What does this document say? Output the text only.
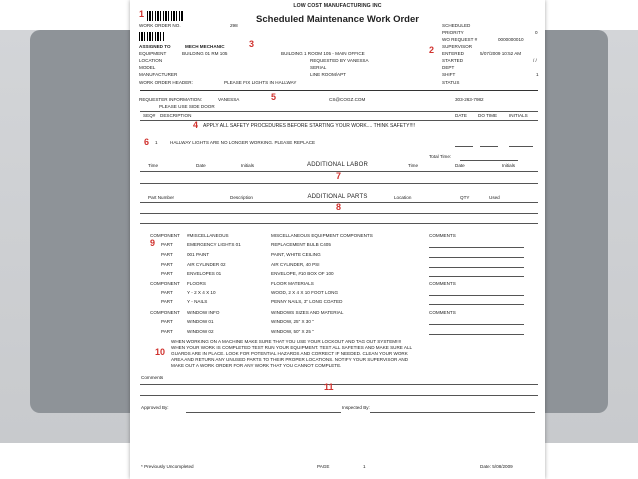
LOW COST MANUFACTURING INC
Scheduled Maintenance Work Order
1
WORK ORDER NO.	298
ASSIGNED TO	MECH MECHANIC	3
EQUIPMENT	BUILDING 01 RM 105
LOCATION
MODEL
MANUFACTURER
WORK ORDER HEADER:	PLEASE FIX LIGHTS IN HALLWAY
BUILDING 1 ROOM 105 - MAIN OFFICE
REQUESTED BY VANESSA
SERIAL
LINE ROOM/APT
2
SCHEDULED
PRIORITY	0
WO REQUEST #	0000000010
SUPERVISOR
ENTERED	5/07/2009 10:52 AM
STARTED	/ /
DEPT
SHIFT	1
STATUS
REQUESTER INFORMATION:	VANESSA	5	CS@COGZ.COM	303-263-7982
PLEASE USE SIDE DOOR
SEQ# DESCRIPTION	DATE DO TIME	INITIALS
4 APPLY ALL SAFETY PROCEDURES BEFORE STARTING YOUR WORK.... THINK SAFETY!!!!
6 1	HALLWAY LIGHTS ARE NO LONGER WORKING. PLEASE REPLACE
Total Time:
Time	Date	Initials	ADDITIONAL LABOR	Time	Date	Initials
7
Part Number	Description	ADDITIONAL PARTS	Location	QTY	Used
8
9
COMPONENT #MISCELLANEOUS	MISCELLANEOUS EQUIPMENT COMPONENTS	COMMENTS
PART	EMERGENCY LIGHTS 01	REPLACEMENT BULB C405
PART	001 PAINT	PAINT, WHITE CEILING
PART	AIR CYLINDER 02	AIR CYLINDER, 40 PSI
PART	ENVELOPES 01	ENVELOPE, #10 BOX OF 100
COMPONENT FLOORS	FLOOR MATERIALS	COMMENTS
PART	Y - 2 X 4 X 10	WOOD, 2 X 4 X 10 FOOT LONG
PART	Y - NAILS	PENNY NAILS, 3" LONG COATED
COMPONENT WINDOW INFO	WINDOWS SIZES AND MATERIAL	COMMENTS
PART	WINDOW 01	WINDOW, 25" X 30 "
PART	WINDOW 02	WINDOW, 50" X 25 "
10
WHEN WORKING ON A MACHINE MAKE SURE THAT YOU USE YOUR LOCKOUT AND TAG OUT SYSTEM!!!!
WHEN YOUR WORK IS COMPLETED TEST RUN YOUR EQUIPMENT. TEST ALL SAFETIES AND MAKE SURE ALL
GUARDS ARE IN PLACE. LOOK FOR POTENTIAL HAZARDS AND CORRECT IF NEEDED. CLEAN YOUR WORK
AREA AND RETURN ANY UNUSED PARTS TO THEIR PROPER LOCATIONS. NOTIFY YOUR SUPERVISOR AND
MAKE OUT A WORK ORDER FOR ANY WORK THAT YOU CANNOT COMPLETE.
Comments
11
Approved By:	Inspected By:
* Previously Uncompleted	PAGE	1	Date: 5/08/2009
